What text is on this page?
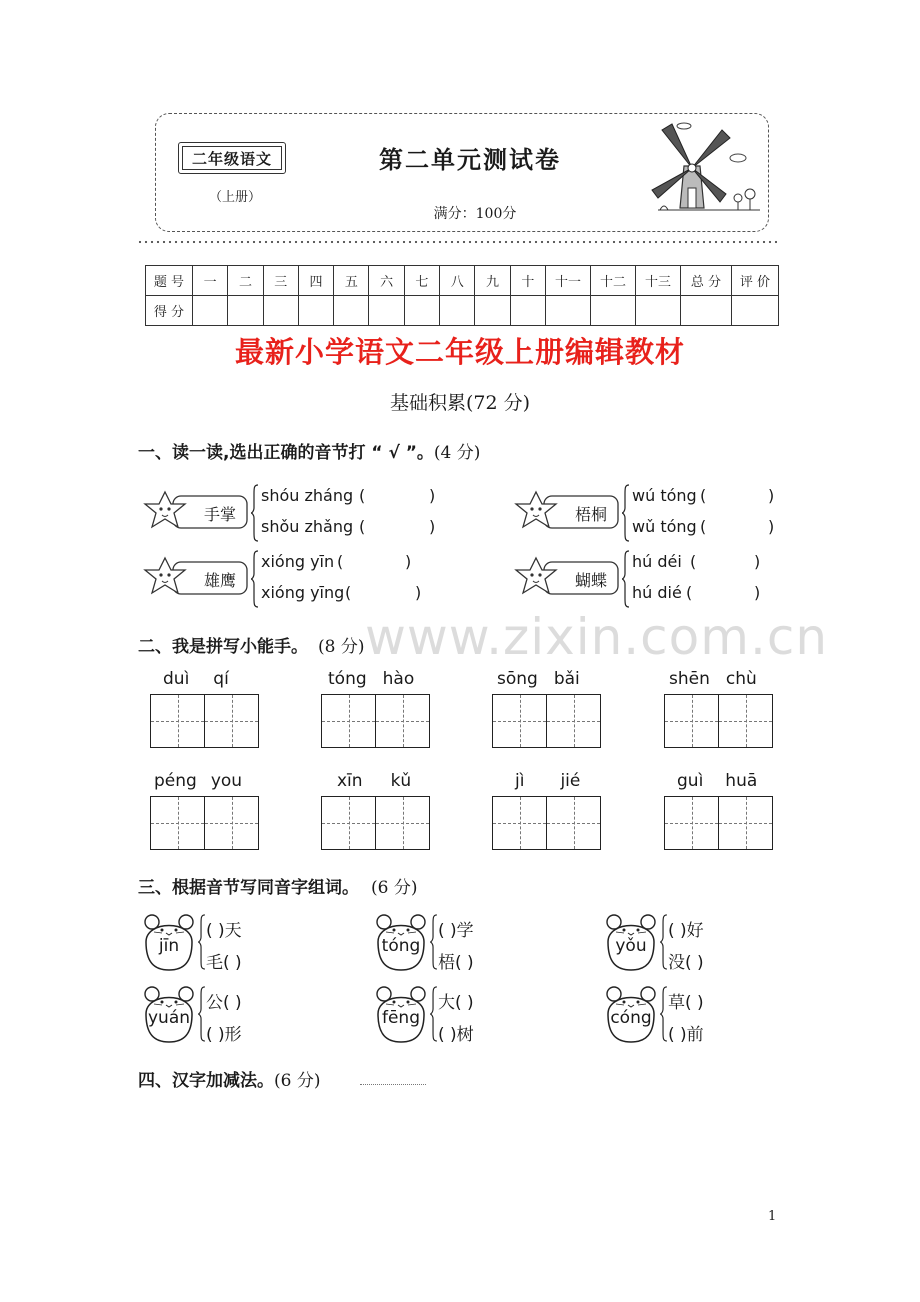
二年级语文
（上册）
第二单元测试卷
满分：100分
题 号	一	二	三	四	五	六	七	八	九	十	十一	十二	十三	总 分	评 价
得 分															
最新小学语文二年级上册编辑教材
基础积累(72 分)
一、读一读,选出正确的音节打 “ √ ”。(4 分)
手掌
shóu zháng (	)
shǒu zhǎng (	)
梧桐
wú tóng (	)
wǔ tóng (	)
雄鹰
xióng yīn (	)
xióng yīng (	)
蝴蝶
hú déi (	)
hú dié (	)
www.zixin.com.cn
二、我是拼写小能手。 (8 分)
duì qí	tóng hào	sōng bǎi	shēn chù
péng you	xīn kǔ	jì jié	guì huā
三、根据音节写同音字组词。 (6 分)
jīn
( )天
毛( )
tóng
( )学
梧( )
yǒu
( )好
没( )
yuán
公( )
( )形
fēng
大( )
( )树
cóng
草( )
( )前
四、汉字加减法。(6 分)
1
